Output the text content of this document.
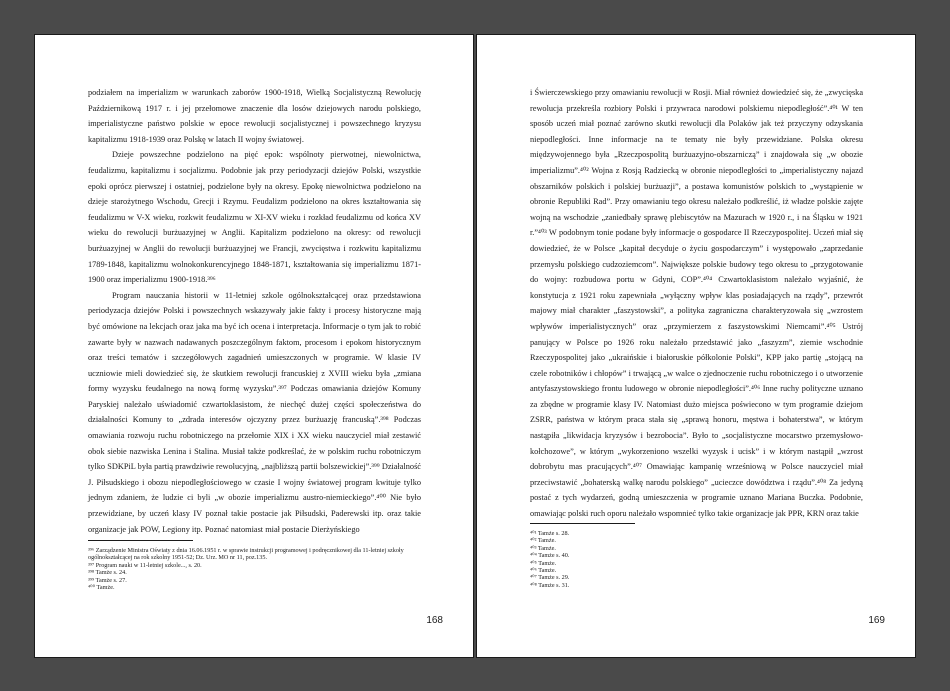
podziałem na imperializm w warunkach zaborów 1900-1918, Wielką Socjalistyczną Rewolucję Październikową 1917 r. i jej przełomowe znaczenie dla losów dziejowych narodu polskiego, imperialistyczne państwo polskie w epoce rewolucji socjalistycznej i powszechnego kryzysu kapitalizmu 1918-1939 oraz Polskę w latach II wojny światowej.

Dzieje powszechne podzielono na pięć epok: wspólnoty pierwotnej, niewolnictwa, feudalizmu, kapitalizmu i socjalizmu. Podobnie jak przy periodyzacji dziejów Polski, wszystkie epoki oprócz pierwszej i ostatniej, podzielone były na okresy. Epokę niewolnictwa podzielono na dzieje starożytnego Wschodu, Grecji i Rzymu. Feudalizm podzielono na okres kształtowania się feudalizmu w V-X wieku, rozkwit feudalizmu w XI-XV wieku i rozkład feudalizmu od końca XV wieku do rewolucji burżuazyjnej w Anglii. Kapitalizm podzielono na okresy: od rewolucji burżuazyjnej w Anglii do rewolucji burżuazyjnej we Francji, zwycięstwa i rozkwitu kapitalizmu 1789-1848, kapitalizmu wolnokonkurencyjnego 1848-1871, kształtowania się imperializmu 1871-1900 oraz imperializmu 1900-1918.³⁹⁶

Program nauczania historii w 11-letniej szkole ogólnokształcącej oraz przedstawiona periodyzacja dziejów Polski i powszechnych wskazywały jakie fakty i procesy historyczne mają być omówione na lekcjach oraz jaka ma być ich ocena i interpretacja. Informacje o tym jak to robić zawarte były w nazwach nadawanych poszczególnym faktom, procesom i epokom historycznym oraz treści tematów i szczegółowych zagadnień umieszczonych w programie. W klasie IV uczniowie mieli dowiedzieć się, że skutkiem rewolucji francuskiej z XVIII wieku była „zmiana formy wyzysku feudalnego na nową formę wyzysku”.³⁹⁷ Podczas omawiania dziejów Komuny Paryskiej należało uświadomić czwartoklasistom, że niechęć dużej części społeczeństwa do działalności Komuny to „zdrada interesów ojczyzny przez burżuazję francuską”.³⁹⁸ Podczas omawiania rozwoju ruchu robotniczego na przełomie XIX i XX wieku nauczyciel miał zestawić obok siebie nazwiska Lenina i Stalina. Musiał także podkreślać, że w polskim ruchu robotniczym tylko SDKPiL była partią prawdziwie rewolucyjną, „najbliższą partii bolszewickiej”.³⁹⁹ Działalność J. Piłsudskiego i obozu niepodległościowego w czasie I wojny światowej program kwituje tylko jednym zdaniem, że ludzie ci byli „w obozie imperializmu austro-niemieckiego”.⁴⁰⁰ Nie było przewidziane, by uczeń klasy IV poznał takie postacie jak Piłsudski, Paderewski itp. oraz takie organizacje jak POW, Legiony itp. Poznać natomiast miał postacie Dierżyńskiego

³⁹⁶ Zarządzenie Ministra Oświaty z dnia 16.06.1951 r. w sprawie instrukcji programowej i podręcznikowej dla 11-letniej szkoły ogólnokształcącej na rok szkolny 1951-52; Dz. Urz. MO nr 11, poz.135.

³⁹⁷ Program nauki w 11-letniej szkole..., s. 20.

³⁹⁸ Tamże s. 24.

³⁹⁹ Tamże s. 27.

⁴⁰⁰ Tamże.

168

i Świerczewskiego przy omawianiu rewolucji w Rosji. Miał również dowiedzieć się, że „zwycięska rewolucja przekreśla rozbiory Polski i przywraca narodowi polskiemu niepodległość”.⁴⁰¹ W ten sposób uczeń miał poznać zarówno skutki rewolucji dla Polaków jak też przyczyny odzyskania niepodległości. Inne informacje na te tematy nie były przewidziane. Polska okresu międzywojennego była „Rzeczpospolitą burżuazyjno-obszarniczą” i znajdowała się „w obozie imperializmu”.⁴⁰² Wojna z Rosją Radziecką w obronie niepodległości to „imperialistyczny najazd obszarników polskich i polskiej burżuazji”, a postawa komunistów polskich to „wystąpienie w obronie Republiki Rad”. Przy omawianiu tego okresu należało podkreślić, iż władze polskie zajęte wojną na wschodzie „zaniedbały sprawę plebiscytów na Mazurach w 1920 r., i na Śląsku w 1921 r.”⁴⁰³ W podobnym tonie podane były informacje o gospodarce II Rzeczypospolitej. Uczeń miał się dowiedzieć, że w Polsce „kapitał decyduje o życiu gospodarczym” i występowało „zaprzedanie przemysłu polskiego cudzoziemcom”. Największe polskie budowy tego okresu to „przygotowanie do wojny: rozbudowa portu w Gdyni, COP”.⁴⁰⁴ Czwartoklasistom należało wyjaśnić, że konstytucja z 1921 roku zapewniała „wyłączny wpływ klas posiadających na rządy”, przewrót majowy miał charakter „faszystowski”, a polityka zagraniczna charakteryzowała się „wzrostem wpływów imperialistycznych” oraz „przymierzem z faszystowskimi Niemcami”.⁴⁰⁵ Ustrój panujący w Polsce po 1926 roku należało przedstawić jako „faszyzm”, ziemie wschodnie Rzeczypospolitej jako „ukraińskie i białoruskie półkolonie Polski”, KPP jako partię „stojącą na czele robotników i chłopów” i trwającą „w walce o zjednoczenie ruchu robotniczego i o utworzenie antyfaszystowskiego frontu ludowego w obronie niepodległości”.⁴⁰⁶ Inne ruchy polityczne uznano za zbędne w programie klasy IV. Natomiast dużo miejsca poświecono w tym programie dziejom ZSRR, państwa w którym praca stała się „sprawą honoru, męstwa i bohaterstwa”, w którym nastąpiła „likwidacja kryzysów i bezrobocia”. Było to „socjalistyczne mocarstwo przemysłowo-kołchozowe”, w którym „wykorzeniono wszelki wyzysk i ucisk” i w którym nastąpił „wzrost dobrobytu mas pracujących”.⁴⁰⁷ Omawiając kampanię wrześniową w Polsce nauczyciel miał przeciwstawić „bohaterską walkę narodu polskiego” „ucieczce dowództwa i rządu”.⁴⁰⁸ Za jedyną postać z tych wydarzeń, godną umieszczenia w programie uznano Mariana Buczka. Podobnie, omawiając polski ruch oporu należało wspomnieć tylko takie organizacje jak PPR, KRN oraz takie

⁴⁰¹ Tamże s. 28.

⁴⁰² Tamże.

⁴⁰³ Tamże.

⁴⁰⁴ Tamże s. 40.

⁴⁰⁵ Tamże.

⁴⁰⁶ Tamże.

⁴⁰⁷ Tamże s. 29.

⁴⁰⁸ Tamże s. 31.

169
